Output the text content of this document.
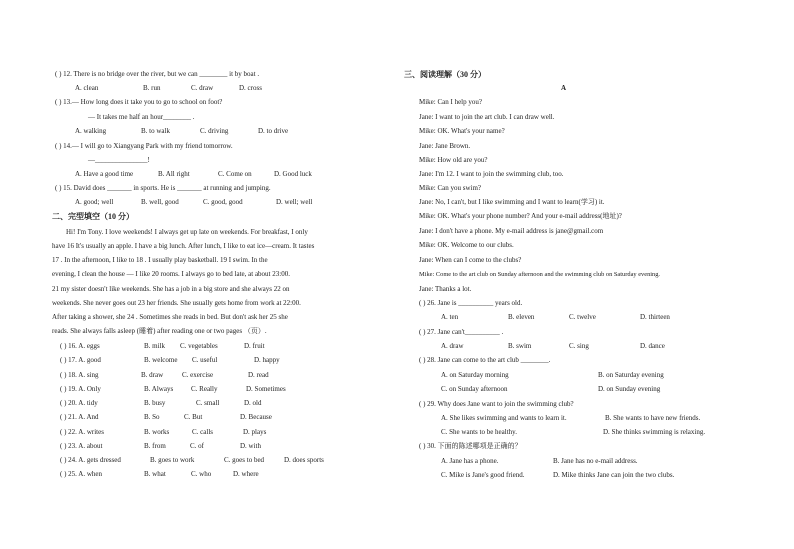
( ) 12. There is no bridge over the river, but we can ________ it by boat .
A. clean	B. run	C. draw	D. cross
( ) 13.— How long does it take you to go to school on foot?
— It takes me half an hour________ .
A. walking	B. to walk	C. driving	D. to drive
( ) 14.— I will go to Xiangyang Park with my friend tomorrow.
—_______________!
A. Have a good time	B. All right	C. Come on	D. Good luck
( ) 15. David does _______ in sports. He is _______ at running and jumping.
A. good; well	B. well, good	C. good, good	D. well; well
二、完型填空（10 分）
Hi! I'm Tony. I love weekends! I always get up late on weekends. For breakfast, I only
have 16 It's usually an apple. I have a big lunch. After lunch, I like to eat ice—cream. It tastes
17 . In the afternoon, I like to 18 . I usually play basketball. 19 I swim. In the
evening, I clean the house — I like 20 rooms. I always go to bed late, at about 23:00.
21 my sister doesn't like weekends. She has a job in a big store and she always 22 on
weekends. She never goes out 23 her friends. She usually gets home from work at 22:00.
After taking a shower, she 24 . Sometimes she reads in bed. But don't ask her 25 she
reads. She always falls asleep (睡着) after reading one or two pages （页）.
( ) 16. A. eggs	B. milk C. vegetables	D. fruit
( ) 17. A. good	B. welcome C. useful	D. happy
( ) 18. A. sing	B. draw	C. exercise	D. read
( ) 19. A. Only	B. Always	C. Really	D. Sometimes
( ) 20. A. tidy	B. busy	C. small	D. old
( ) 21. A. And	B. So	C. But	D. Because
( ) 22. A. writes	B. works	C. calls	D. plays
( ) 23. A. about	B. from	C. of	D. with
( ) 24. A. gets dressed	B. goes to work	C. goes to bed	D. does sports
( ) 25. A. when	B. what	C. who	D. where
三、阅读理解（30 分）
A
Mike: Can I help you?
Jane: I want to join the art club. I can draw well.
Mike: OK. What's your name?
Jane: Jane Brown.
Mike: How old are you?
Jane: I'm 12. I want to join the swimming club, too.
Mike: Can you swim?
Jane: No, I can't, but I like swimming and I want to learn(学习) it.
Mike: OK. What's your phone number? And your e-mail address(地址)?
Jane: I don't have a phone. My e-mail address is jane@gmail.com
Mike: OK. Welcome to our clubs.
Jane: When can I come to the clubs?
Mike: Come to the art club on Sunday afternoon and the swimming club on Saturday evening.
Jane: Thanks a lot.
( ) 26. Jane is __________ years old.
A. ten	B. eleven	C. twelve	D. thirteen
( ) 27. Jane can't__________ .
A. draw	B. swim	C. sing	D. dance
( ) 28. Jane can come to the art club ________.
A. on Saturday morning	B. on Saturday evening
C. on Sunday afternoon	D. on Sunday evening
( ) 29. Why does Jane want to join the swimming club?
A. She likes swimming and wants to learn it.	B. She wants to have new friends.
C. She wants to be healthy.	D. She thinks swimming is relaxing.
( ) 30. 下面的陈述哪项是正确的？
A. Jane has a phone.	B. Jane has no e-mail address.
C. Mike is Jane's good friend.	D. Mike thinks Jane can join the two clubs.
